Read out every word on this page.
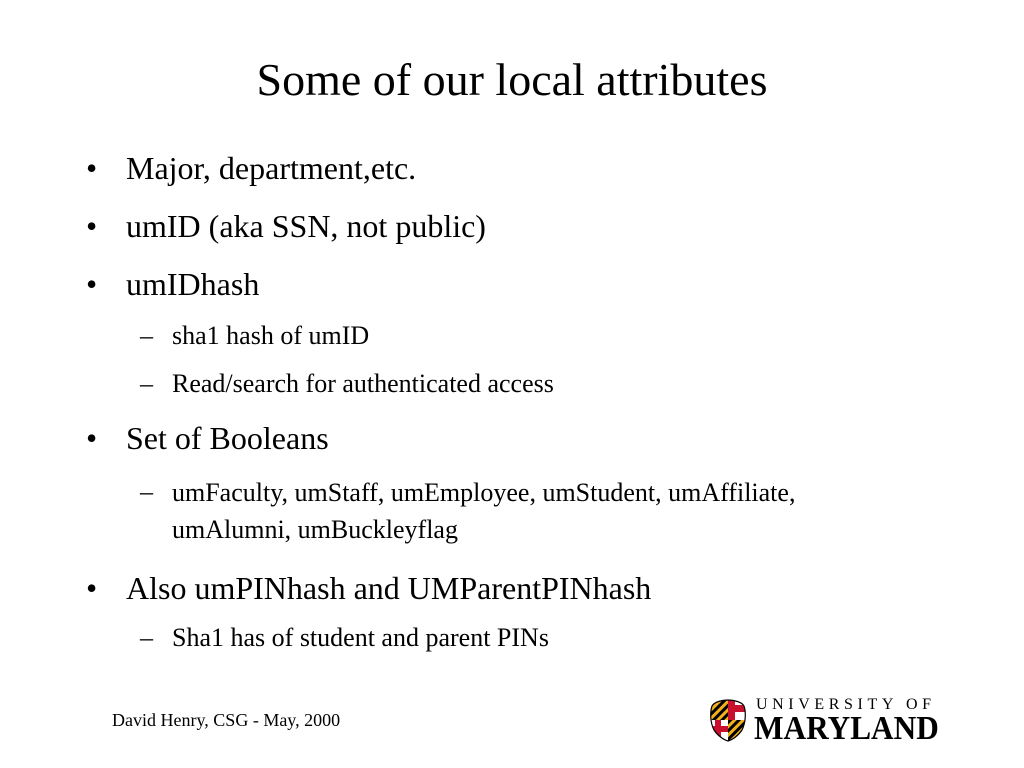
Some of our local attributes
• Major, department,etc.
• umID (aka SSN, not public)
• umIDhash
– sha1 hash of umID
– Read/search for authenticated access
• Set of Booleans
– umFaculty, umStaff, umEmployee, umStudent, umAffiliate, umAlumni, umBuckleyflag
• Also umPINhash and UMParentPINhash
– Sha1 has of student and parent PINs
David Henry, CSG - May, 2000
UNIVERSITY OF
MARYLAND
